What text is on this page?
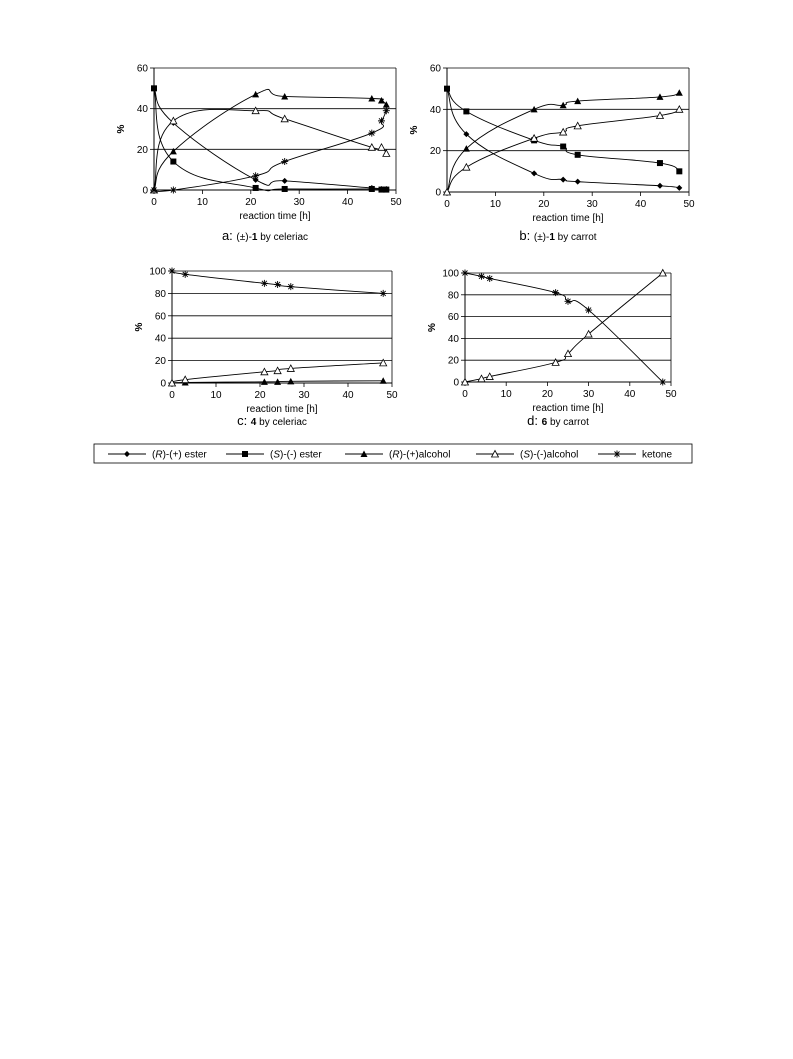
0
20
40
60
0	10	20	30	40	50
reaction time [h]
%
a: (±)-1 by celeriac
0
20
40
60
0	10	20	30	40	50
reaction time [h]
%
b: (±)-1 by carrot
0
20
40
60
80
100
0	10	20	30	40	50
reaction time [h]
%
c: 4 by celeriac
0
20
40
60
80
100
0	10	20	30	40	50
reaction time [h]
%
d: 6 by carrot
(R)-(+) ester	(S)-(-) ester	(R)-(+)alcohol	(S)-(-)alcohol	ketone
